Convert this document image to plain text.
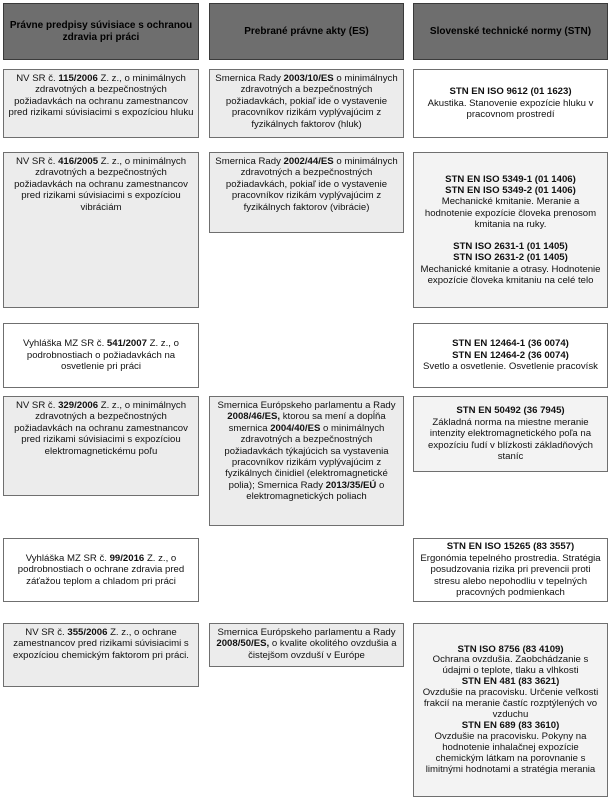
Právne predpisy súvisiace s ochranou zdravia pri práci
Prebrané právne akty (ES)	Slovenské technické normy (STN)
NV SR č. 115/2006 Z. z., o minimálnych zdravotných a bezpečnostných požiadavkách na ochranu zamestnancov pred rizikami súvisiacimi s expozíciou hluku
Smernica Rady 2003/10/ES o minimálnych zdravotných a bezpečnostných požiadavkách, pokiaľ ide o vystavenie pracovníkov rizikám vyplývajúcim z fyzikálnych faktorov (hluk)
STN EN ISO 9612 (01 1623)
Akustika. Stanovenie expozície hluku v pracovnom prostredí
NV SR č. 416/2005 Z. z., o minimálnych zdravotných a bezpečnostných požiadavkách na ochranu zamestnancov pred rizikami súvisiacimi s expozíciou vibráciám
Smernica Rady 2002/44/ES o minimálnych zdravotných a bezpečnostných požiadavkách, pokiaľ ide o vystavenie pracovníkov rizikám vyplývajúcim z fyzikálnych faktorov (vibrácie)
STN EN ISO 5349-1 (01 1406)
STN EN ISO 5349-2 (01 1406)
Mechanické kmitanie. Meranie a hodnotenie expozície človeka prenosom kmitania na ruky.
STN ISO 2631-1 (01 1405)
STN ISO 2631-2 (01 1405)
Mechanické kmitanie a otrasy. Hodnotenie expozície človeka kmitaniu na celé telo
Vyhláška MZ SR č. 541/2007 Z. z., o podrobnostiach o požiadavkách na osvetlenie pri práci
STN EN 12464-1 (36 0074)
STN EN 12464-2 (36 0074)
Svetlo a osvetlenie. Osvetlenie pracovísk
NV SR č. 329/2006 Z. z., o minimálnych zdravotných a bezpečnostných požiadavkách na ochranu zamestnancov pred rizikami súvisiacimi s expozíciou elektromagnetickému poľu
Smernica Európskeho parlamentu a Rady 2008/46/ES, ktorou sa mení a dopĺňa smernica 2004/40/ES o minimálnych zdravotných a bezpečnostných požiadavkách týkajúcich sa vystavenia pracovníkov rizikám vyplývajúcim z fyzikálnych činidiel (elektromagnetické polia); Smernica Rady 2013/35/EÚ o elektromagnetických poliach
STN EN 50492 (36 7945)
Základná norma na miestne meranie intenzity elektromagnetického poľa na expozíciu ľudí v blízkosti základňových staníc
Vyhláška MZ SR č. 99/2016 Z. z., o podrobnostiach o ochrane zdravia pred záťažou teplom a chladom pri práci
STN EN ISO 15265 (83 3557)
Ergonómia tepelného prostredia. Stratégia posudzovania rizika pri prevencii proti stresu alebo nepohodliu v tepelných pracovných podmienkach
NV SR č. 355/2006 Z. z., o ochrane zamestnancov pred rizikami súvisiacimi s expozíciou chemickým faktorom pri práci.
Smernica Európskeho parlamentu a Rady 2008/50/ES, o kvalite okolitého ovzdušia a čistejšom ovzduší v Európe
STN ISO 8756 (83 4109)
Ochrana ovzdušia. Zaobchádzanie s údajmi o teplote, tlaku a vlhkosti
STN EN 481 (83 3621)
Ovzdušie na pracovisku. Určenie veľkosti frakcií na meranie častíc rozptýlených vo vzduchu
STN EN 689 (83 3610)
Ovzdušie na pracovisku. Pokyny na hodnotenie inhalačnej expozície chemickým látkam na porovnanie s limitnými hodnotami a stratégia merania
